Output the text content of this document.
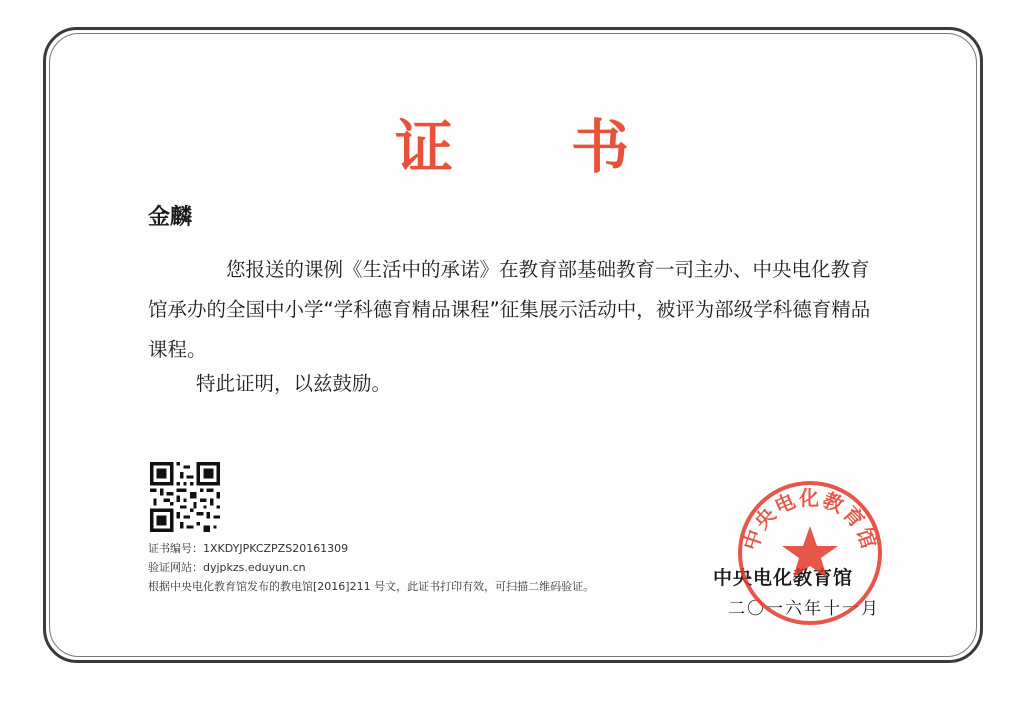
证书
金麟
您报送的课例《生活中的承诺》在教育部基础教育一司主办、中央电化教育馆承办的全国中小学“学科德育精品课程”征集展示活动中，被评为部级学科德育精品课程。
特此证明，以兹鼓励。
证书编号：1XKDYJPKCZPZS20161309
验证网站：dyjpkzs.eduyun.cn
根据中央电化教育馆发布的教电馆[2016]211 号文，此证书打印有效，可扫描二维码验证。	中央电化教育馆
二〇一六年十一月
中央电化教育馆
